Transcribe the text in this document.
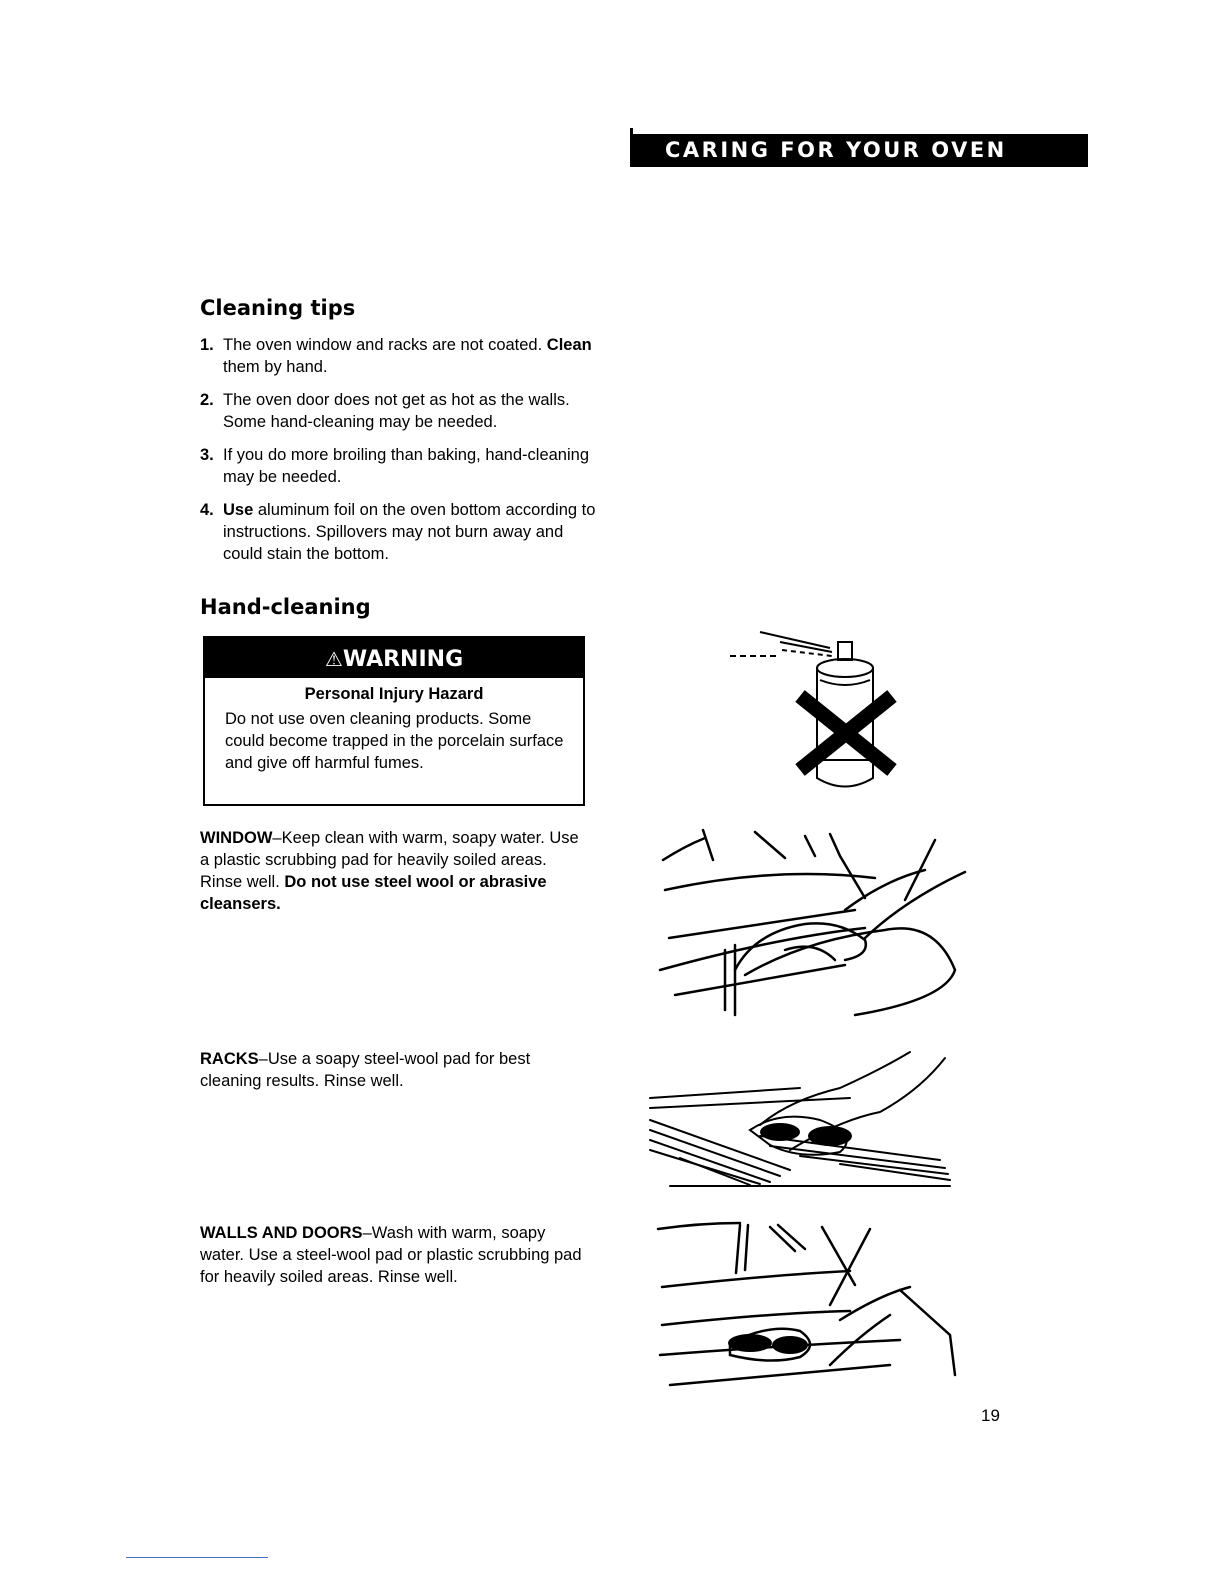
CARING FOR YOUR OVEN
Cleaning tips
1. The oven window and racks are not coated. Clean them by hand.
2. The oven door does not get as hot as the walls. Some hand-cleaning may be needed.
3. If you do more broiling than baking, hand-cleaning may be needed.
4. Use aluminum foil on the oven bottom according to instructions. Spillovers may not burn away and could stain the bottom.
Hand-cleaning
⚠WARNING
Personal Injury Hazard
Do not use oven cleaning products. Some could become trapped in the porcelain surface and give off harmful fumes.

WINDOW–Keep clean with warm, soapy water. Use a plastic scrubbing pad for heavily soiled areas. Rinse well. Do not use steel wool or abrasive cleansers.

RACKS–Use a soapy steel-wool pad for best cleaning results. Rinse well.

WALLS AND DOORS–Wash with warm, soapy water. Use a steel-wool pad or plastic scrubbing pad for heavily soiled areas. Rinse well.

19
